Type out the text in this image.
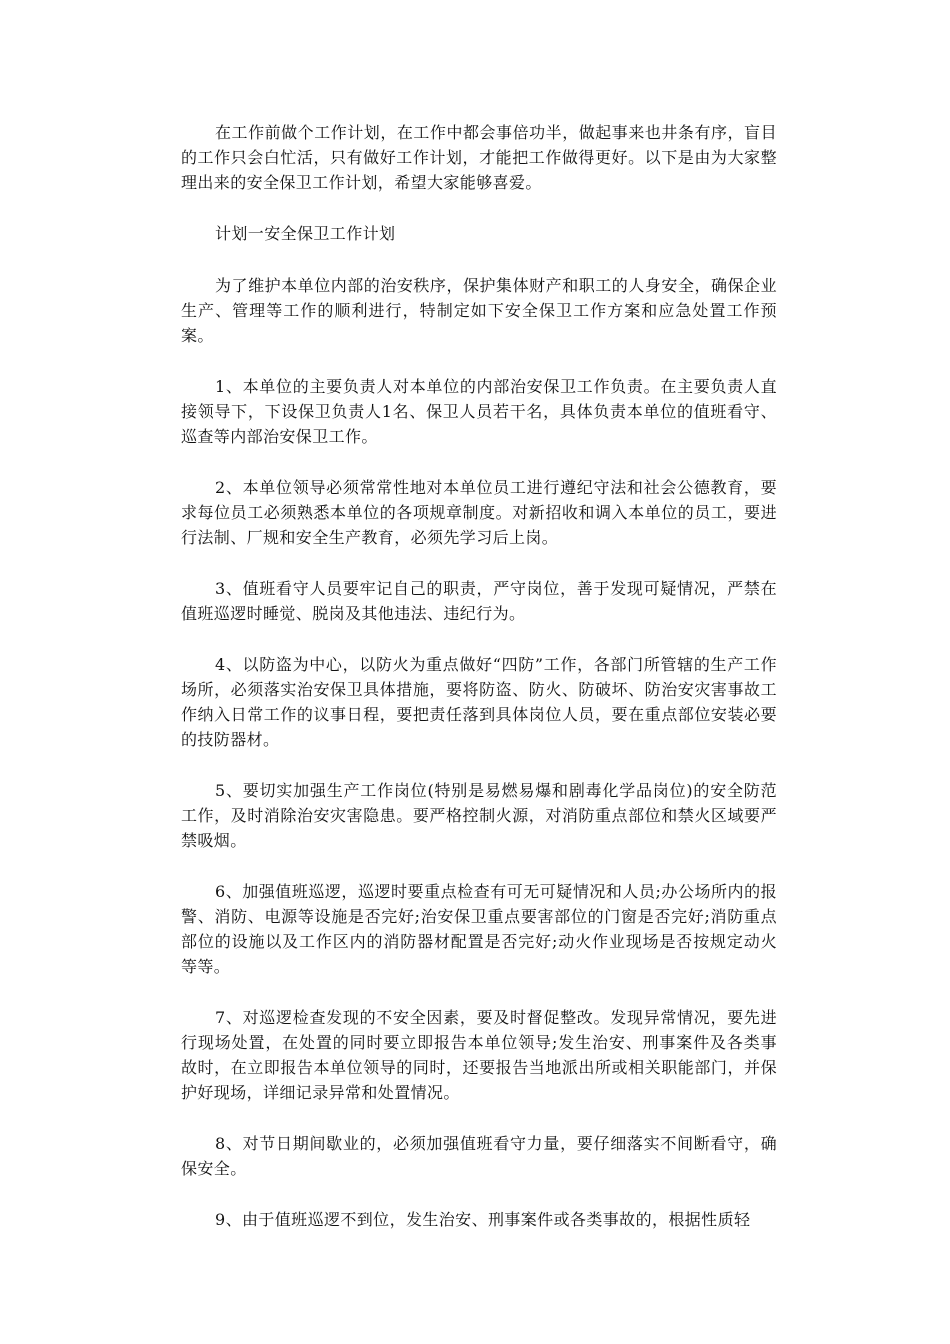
在工作前做个工作计划，在工作中都会事倍功半，做起事来也井条有序，盲目的工作只会白忙活，只有做好工作计划，才能把工作做得更好。以下是由为大家整理出来的安全保卫工作计划，希望大家能够喜爱。

计划一安全保卫工作计划

为了维护本单位内部的治安秩序，保护集体财产和职工的人身安全，确保企业生产、管理等工作的顺利进行，特制定如下安全保卫工作方案和应急处置工作预案。

1、本单位的主要负责人对本单位的内部治安保卫工作负责。在主要负责人直接领导下，下设保卫负责人1名、保卫人员若干名，具体负责本单位的值班看守、巡查等内部治安保卫工作。

2、本单位领导必须常常性地对本单位员工进行遵纪守法和社会公德教育，要求每位员工必须熟悉本单位的各项规章制度。对新招收和调入本单位的员工，要进行法制、厂规和安全生产教育，必须先学习后上岗。

3、值班看守人员要牢记自己的职责，严守岗位，善于发现可疑情况，严禁在值班巡逻时睡觉、脱岗及其他违法、违纪行为。

4、以防盗为中心，以防火为重点做好“四防”工作，各部门所管辖的生产工作场所，必须落实治安保卫具体措施，要将防盗、防火、防破坏、防治安灾害事故工作纳入日常工作的议事日程，要把责任落到具体岗位人员，要在重点部位安装必要的技防器材。

5、要切实加强生产工作岗位(特别是易燃易爆和剧毒化学品岗位)的安全防范工作，及时消除治安灾害隐患。要严格控制火源，对消防重点部位和禁火区域要严禁吸烟。

6、加强值班巡逻，巡逻时要重点检查有可无可疑情况和人员;办公场所内的报警、消防、电源等设施是否完好;治安保卫重点要害部位的门窗是否完好;消防重点部位的设施以及工作区内的消防器材配置是否完好;动火作业现场是否按规定动火等等。

7、对巡逻检查发现的不安全因素，要及时督促整改。发现异常情况，要先进行现场处置，在处置的同时要立即报告本单位领导;发生治安、刑事案件及各类事故时，在立即报告本单位领导的同时，还要报告当地派出所或相关职能部门，并保护好现场，详细记录异常和处置情况。

8、对节日期间歇业的，必须加强值班看守力量，要仔细落实不间断看守，确保安全。

9、由于值班巡逻不到位，发生治安、刑事案件或各类事故的，根据性质轻
